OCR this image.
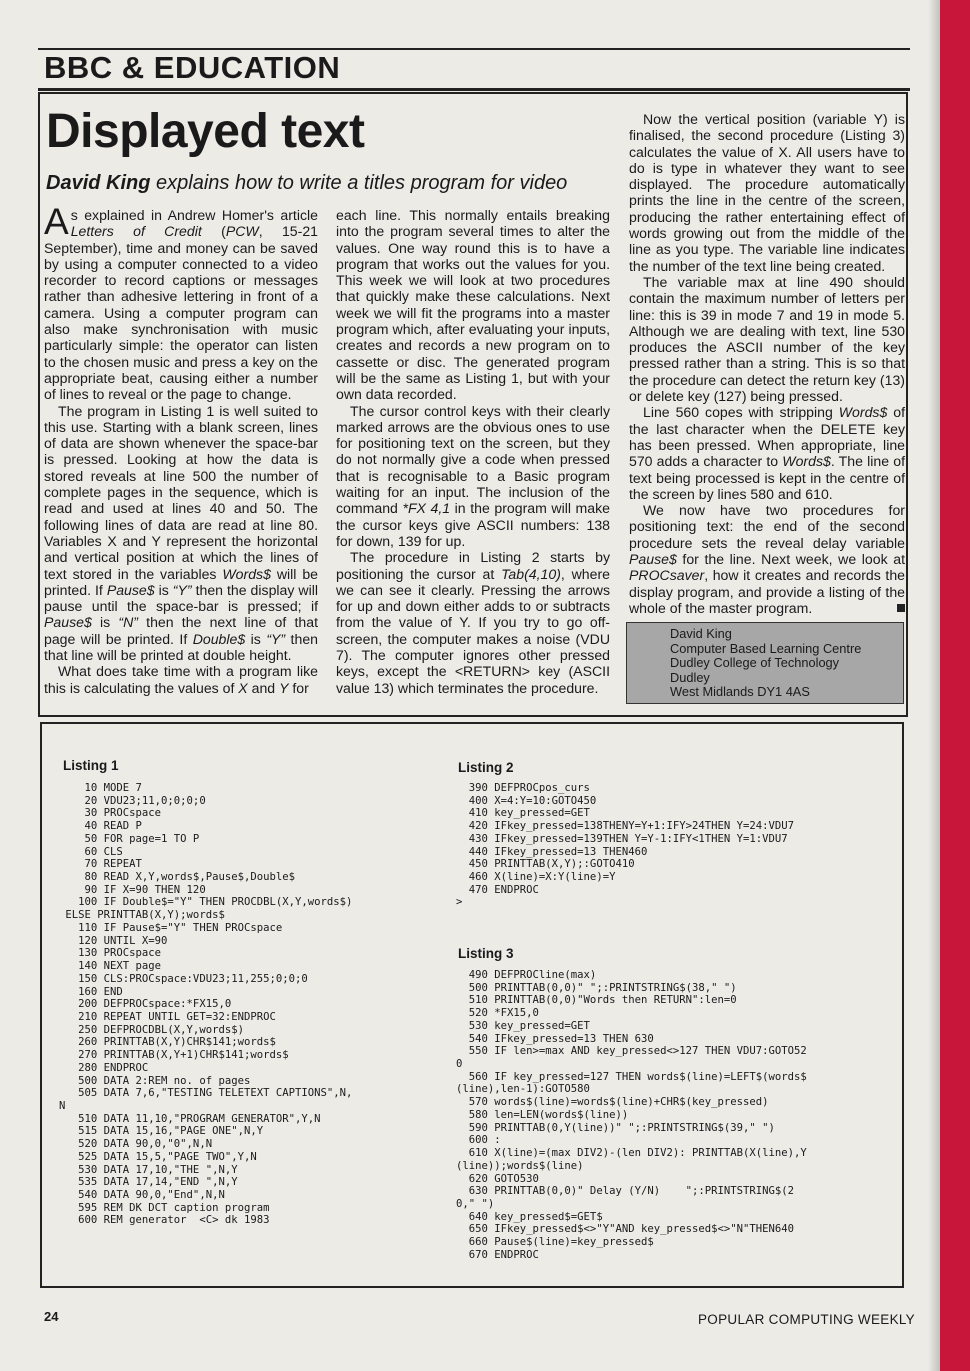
BBC & EDUCATION
Displayed text

David King explains how to write a titles program for video

As explained in Andrew Homer's article Letters of Credit (PCW, 15-21 September), time and money can be saved by using a computer connected to a video recorder to record captions or messages rather than adhesive lettering in front of a camera. Using a computer program can also make synchronisation with music particularly simple: the operator can listen to the chosen music and press a key on the appropriate beat, causing either a number of lines to reveal or the page to change.

The program in Listing 1 is well suited to this use. Starting with a blank screen, lines of data are shown whenever the space-bar is pressed. Looking at how the data is stored reveals at line 500 the number of complete pages in the sequence, which is read and used at lines 40 and 50. The following lines of data are read at line 80. Variables X and Y represent the horizontal and vertical position at which the lines of text stored in the variables Words$ will be printed. If Pause$ is “Y” then the display will pause until the space-bar is pressed; if Pause$ is “N” then the next line of that page will be printed. If Double$ is “Y” then that line will be printed at double height.

What does take time with a program like this is calculating the values of X and Y for

each line. This normally entails breaking into the program several times to alter the values. One way round this is to have a program that works out the values for you. This week we will look at two procedures that quickly make these calculations. Next week we will fit the programs into a master program which, after evaluating your inputs, creates and records a new program on to cassette or disc. The generated program will be the same as Listing 1, but with your own data recorded.

The cursor control keys with their clearly marked arrows are the obvious ones to use for positioning text on the screen, but they do not normally give a code when pressed that is recognisable to a Basic program waiting for an input. The inclusion of the command *FX 4,1 in the program will make the cursor keys give ASCII numbers: 138 for down, 139 for up.

The procedure in Listing 2 starts by positioning the cursor at Tab(4,10), where we can see it clearly. Pressing the arrows for up and down either adds to or subtracts from the value of Y. If you try to go off-screen, the computer makes a noise (VDU 7). The computer ignores other pressed keys, except the <RETURN> key (ASCII value 13) which terminates the procedure.

Now the vertical position (variable Y) is finalised, the second procedure (Listing 3) calculates the value of X. All users have to do is type in whatever they want to see displayed. The procedure automatically prints the line in the centre of the screen, producing the rather entertaining effect of words growing out from the middle of the line as you type. The variable line indicates the number of the text line being created.

The variable max at line 490 should contain the maximum number of letters per line: this is 39 in mode 7 and 19 in mode 5. Although we are dealing with text, line 530 produces the ASCII number of the key pressed rather than a string. This is so that the procedure can detect the return key (13) or delete key (127) being pressed.

Line 560 copes with stripping Words$ of the last character when the DELETE key has been pressed. When appropriate, line 570 adds a character to Words$. The line of text being processed is kept in the centre of the screen by lines 580 and 610.

We now have two procedures for positioning text: the end of the second procedure sets the reveal delay variable Pause$ for the line. Next week, we look at PROCsaver, how it creates and records the display program, and provide a listing of the whole of the master program.

David King
Computer Based Learning Centre
Dudley College of Technology
Dudley
West Midlands DY1 4AS
Listing 1
10 MODE 7
20 VDU23;11,0;0;0;0
30 PROCspace
40 READ P
50 FOR page=1 TO P
60 CLS
70 REPEAT
80 READ X,Y,words$,Pause$,Double$
90 IF X=90 THEN 120
100 IF Double$="Y" THEN PROCDBL(X,Y,words$)
ELSE PRINTTAB(X,Y);words$
110 IF Pause$="Y" THEN PROCspace
120 UNTIL X=90
130 PROCspace
140 NEXT page
150 CLS:PROCspace:VDU23;11,255;0;0;0
160 END
200 DEFPROCspace:*FX15,0
210 REPEAT UNTIL GET=32:ENDPROC
250 DEFPROCDBL(X,Y,words$)
260 PRINTTAB(X,Y)CHR$141;words$
270 PRINTTAB(X,Y+1)CHR$141;words$
280 ENDPROC
500 DATA 2:REM no. of pages
505 DATA 7,6,"TESTING TELETEXT CAPTIONS",N,
N
510 DATA 11,10,"PROGRAM GENERATOR",Y,N
515 DATA 15,16,"PAGE ONE",N,Y
520 DATA 90,0,"0",N,N
525 DATA 15,5,"PAGE TWO",Y,N
530 DATA 17,10,"THE ",N,Y
535 DATA 17,14,"END ",N,Y
540 DATA 90,0,"End",N,N
595 REM DK DCT caption program
600 REM generator  <C> dk 1983
Listing 2
390 DEFPROCpos_curs
400 X=4:Y=10:GOTO450
410 key_pressed=GET
420 IFkey_pressed=138THENY=Y+1:IFY>24THEN Y=24:VDU7
430 IFkey_pressed=139THEN Y=Y-1:IFY<1THEN Y=1:VDU7
440 IFkey_pressed=13 THEN460
450 PRINTTAB(X,Y);:GOTO410
460 X(line)=X:Y(line)=Y
470 ENDPROC
>
Listing 3
490 DEFPROCline(max)
500 PRINTTAB(0,0)" ";:PRINTSTRING$(38," ")
510 PRINTTAB(0,0)"Words then RETURN":len=0
520 *FX15,0
530 key_pressed=GET
540 IFkey_pressed=13 THEN 630
550 IF len>=max AND key_pressed<>127 THEN VDU7:GOTO52
0
560 IF key_pressed=127 THEN words$(line)=LEFT$(words$
(line),len-1):GOTO580
570 words$(line)=words$(line)+CHR$(key_pressed)
580 len=LEN(words$(line))
590 PRINTTAB(0,Y(line))" ";:PRINTSTRING$(39," ")
600 :
610 X(line)=(max DIV2)-(len DIV2): PRINTTAB(X(line),Y
(line));words$(line)
620 GOTO530
630 PRINTTAB(0,0)" Delay (Y/N)    ";:PRINTSTRING$(2
0," ")
640 key_pressed$=GET$
650 IFkey_pressed$<>"Y"AND key_pressed$<>"N"THEN640
660 Pause$(line)=key_pressed$
670 ENDPROC
24	POPULAR COMPUTING WEEKLY
